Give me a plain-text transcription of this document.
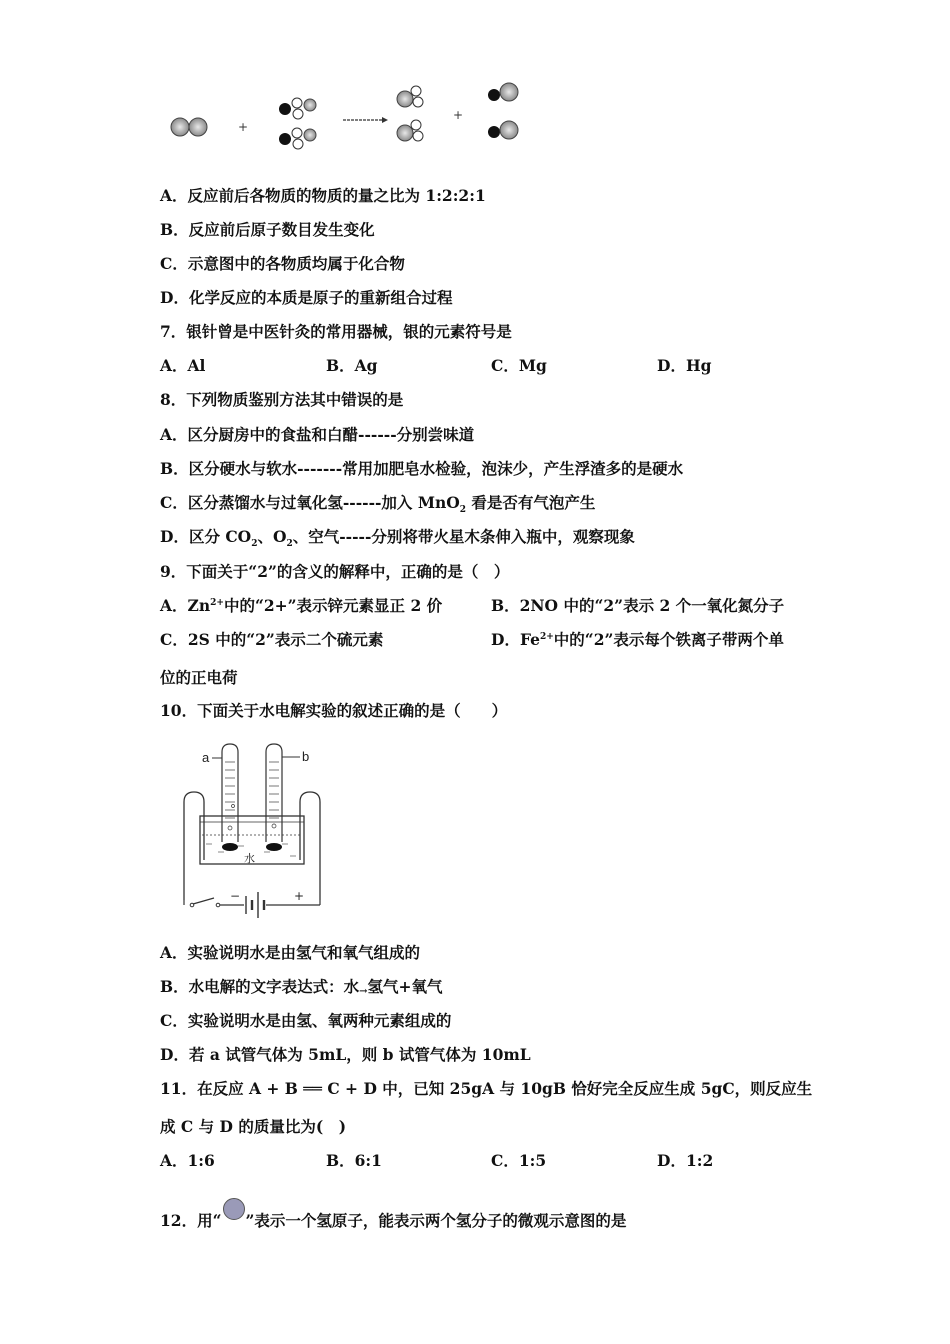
+
+
A．反应前后各物质的物质的量之比为 1:2:2:1
B．反应前后原子数目发生变化
C．示意图中的各物质均属于化合物
D．化学反应的本质是原子的重新组合过程
7．银针曾是中医针灸的常用器械，银的元素符号是
A．Al	B．Ag	C．Mg	D．Hg
8．下列物质鉴别方法其中错误的是
A．区分厨房中的食盐和白醋------分别尝味道
B．区分硬水与软水-------常用加肥皂水检验，泡沫少，产生浮渣多的是硬水
C．区分蒸馏水与过氧化氢------加入 MnO$_2$ 看是否有气泡产生
D．区分 $CO_2$、$O_2$、空气-----分别将带火星木条伸入瓶中，观察现象
9．下面关于“2”的含义的解释中，正确的是（　）
A．$Zn^{2+}$中的“2+”表示锌元素显正 2 价	B．2NO 中的“2”表示 2 个一氧化氮分子
C．2S 中的“2”表示二个硫元素	D．$Fe^{2+}$中的“2”表示每个铁离子带两个单
位的正电荷
10．下面关于水电解实验的叙述正确的是（　　）
a	b
水
−	+
A．实验说明水是由氢气和氧气组成的
B．水电解的文字表达式：水→氢气+氧气
C．实验说明水是由氢、氧两种元素组成的
D．若 a 试管气体为 5mL，则 b 试管气体为 10mL
11．在反应 A + B ══ C + D 中，已知 25gA 与 10gB 恰好完全反应生成 5gC，则反应生
成 C 与 D 的质量比为(　)
A．1:6	B．6:1	C．1:5	D．1:2
12．用“ ”表示一个氢原子，能表示两个氢分子的微观示意图的是
